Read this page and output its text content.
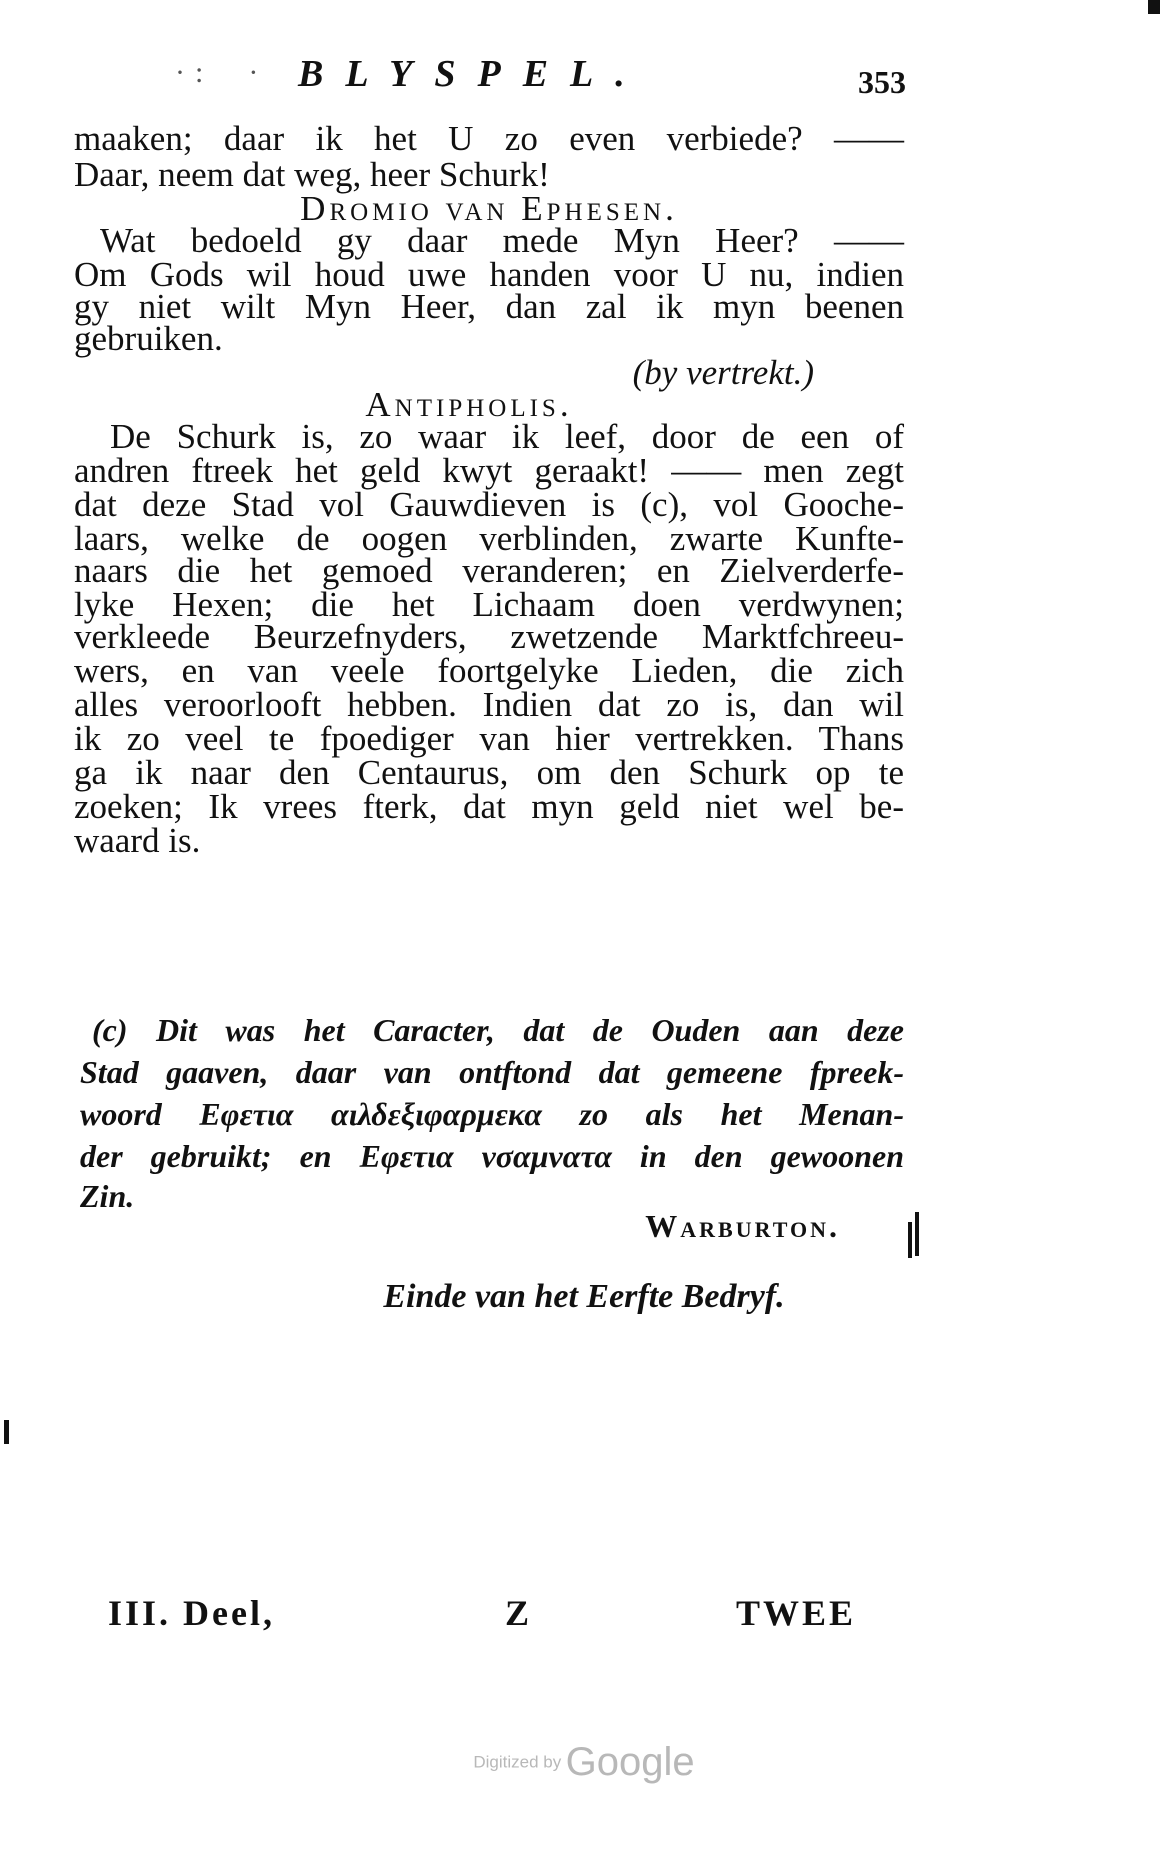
·:  · BLYSPEL.	353
maaken; daar ik het U zo even verbiede? ——
Daar, neem dat weg, heer Schurk!
Dromio van Ephesen.
Wat bedoeld gy daar mede Myn Heer? ——
Om Gods wil houd uwe handen voor U nu, indien
gy niet wilt Myn Heer, dan zal ik myn beenen
gebruiken.
(by vertrekt.)
Antipholis.
De Schurk is, zo waar ik leef, door de een of
andren ftreek het geld kwyt geraakt! —— men zegt
dat deze Stad vol Gauwdieven is (c), vol Gooche-
laars, welke de oogen verblinden, zwarte Kunfte-
naars die het gemoed veranderen; en Zielverderfe-
lyke Hexen; die het Lichaam doen verdwynen;
verkleede Beurzefnyders, zwetzende Marktfchreeu-
wers, en van veele foortgelyke Lieden, die zich
alles veroorlooft hebben. Indien dat zo is, dan wil
ik zo veel te fpoediger van hier vertrekken. Thans
ga ik naar den Centaurus, om den Schurk op te
zoeken; Ik vrees fterk, dat myn geld niet wel be-
waard is.
(c) Dit was het Caracter, dat de Ouden aan deze
Stad gaaven, daar van ontftond dat gemeene fpreek-
woord Εφετια αιλδεξιφαρμεκα zo als het Menan-
der gebruikt; en Εφετια νσαμνατα in den gewoonen
Zin.
Warburton.
Einde van het Eerfte Bedryf.
III. Deel,	Z	TWEE
Digitized by Google
